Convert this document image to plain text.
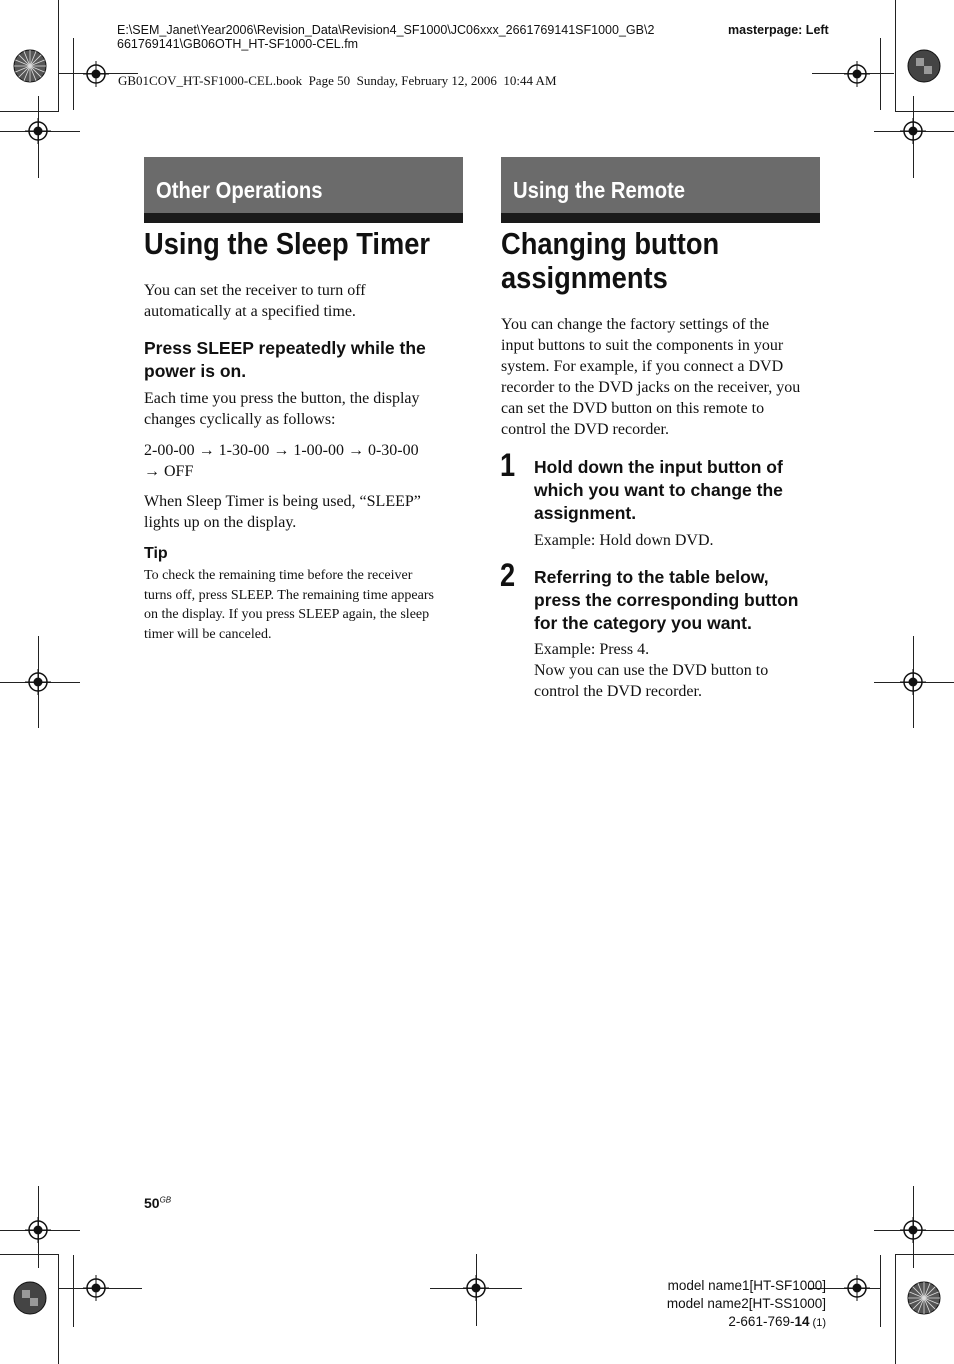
E:\SEM_Janet\Year2006\Revision_Data\Revision4_SF1000\JC06xxx_2661769141SF1000_GB\2
661769141\GB06OTH_HT-SF1000-CEL.fm
masterpage: Left
GB01COV_HT-SF1000-CEL.book  Page 50  Sunday, February 12, 2006  10:44 AM
Other Operations
Using the Sleep Timer
You can set the receiver to turn off
automatically at a specified time.
Press SLEEP repeatedly while the
power is on.
Each time you press the button, the display
changes cyclically as follows:
2-00-00 → 1-30-00 → 1-00-00 → 0-30-00
→ OFF
When Sleep Timer is being used, “SLEEP”
lights up on the display.
Tip
To check the remaining time before the receiver
turns off, press SLEEP. The remaining time appears
on the display. If you press SLEEP again, the sleep
timer will be canceled.
Using the Remote
Changing button
assignments
You can change the factory settings of the
input buttons to suit the components in your
system. For example, if you connect a DVD
recorder to the DVD jacks on the receiver, you
can set the DVD button on this remote to
control the DVD recorder.
1 Hold down the input button of
which you want to change the
assignment.
Example: Hold down DVD.
2 Referring to the table below,
press the corresponding button
for the category you want.
Example: Press 4.
Now you can use the DVD button to
control the DVD recorder.
$50^{GB}$
model name1[HT-SF1000]
model name2[HT-SS1000]
2-661-769-14 (1)
